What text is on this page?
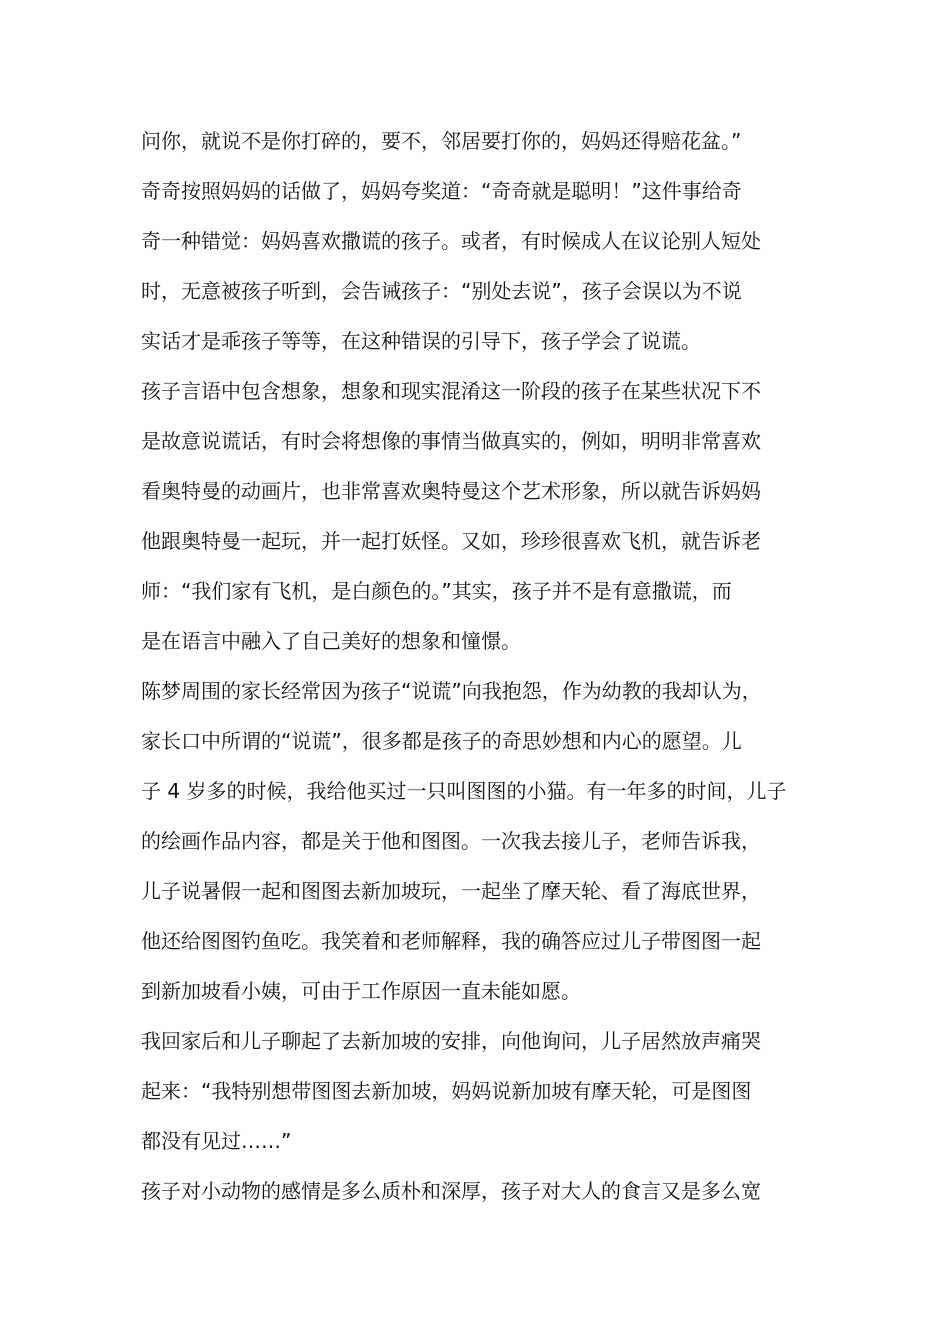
问你，就说不是你打碎的，要不，邻居要打你的，妈妈还得赔花盆。”
奇奇按照妈妈的话做了，妈妈夸奖道：“奇奇就是聪明！”这件事给奇
奇一种错觉：妈妈喜欢撒谎的孩子。或者，有时候成人在议论别人短处
时，无意被孩子听到，会告诫孩子：“别处去说”，孩子会误以为不说
实话才是乖孩子等等，在这种错误的引导下，孩子学会了说谎。
孩子言语中包含想象，想象和现实混淆这一阶段的孩子在某些状况下不
是故意说谎话，有时会将想像的事情当做真实的，例如，明明非常喜欢
看奥特曼的动画片，也非常喜欢奥特曼这个艺术形象，所以就告诉妈妈
他跟奥特曼一起玩，并一起打妖怪。又如，珍珍很喜欢飞机，就告诉老
师：“我们家有飞机，是白颜色的。”其实，孩子并不是有意撒谎，而
是在语言中融入了自己美好的想象和憧憬。
陈梦周围的家长经常因为孩子“说谎”向我抱怨，作为幼教的我却认为，
家长口中所谓的“说谎”，很多都是孩子的奇思妙想和内心的愿望。儿
子 4 岁多的时候，我给他买过一只叫图图的小猫。有一年多的时间，儿子
的绘画作品内容，都是关于他和图图。一次我去接儿子，老师告诉我，
儿子说暑假一起和图图去新加坡玩，一起坐了摩天轮、看了海底世界，
他还给图图钓鱼吃。我笑着和老师解释，我的确答应过儿子带图图一起
到新加坡看小姨，可由于工作原因一直未能如愿。
我回家后和儿子聊起了去新加坡的安排，向他询问，儿子居然放声痛哭
起来：“我特别想带图图去新加坡，妈妈说新加坡有摩天轮，可是图图
都没有见过……”
孩子对小动物的感情是多么质朴和深厚，孩子对大人的食言又是多么宽
